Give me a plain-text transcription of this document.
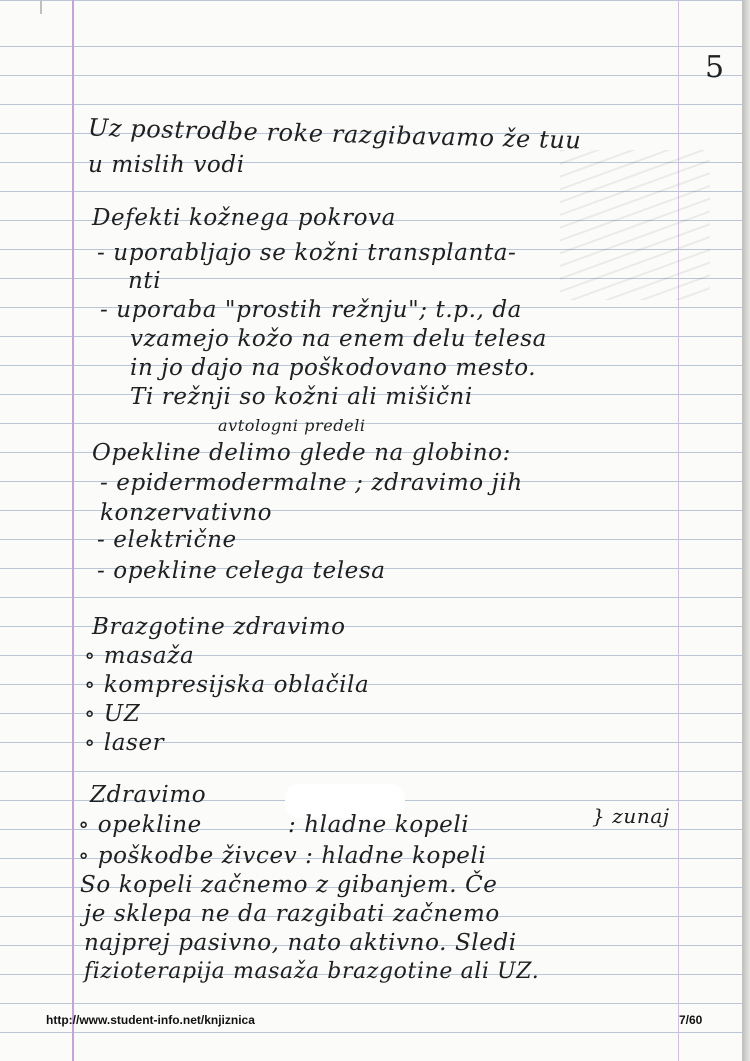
5
Uz postrodbe roke razgibavamo že tuu
u mislih vodi
Defekti kožnega pokrova
- uporabljajo se kožni transplanta-
nti
- uporaba "prostih režnju"; t.p., da
vzamejo kožo na enem delu telesa
in jo dajo na poškodovano mesto.
Ti režnji so kožni ali mišični
avtologni predeli
Opekline delimo glede na globino:
- epidermodermalne ; zdravimo jih
konzervativno
- električne
- opekline celega telesa
Brazgotine zdravimo
∘ masaža
∘ kompresijska oblačila
∘ UZ
∘ laser
Zdravimo
∘ opekline	: hladne kopeli	} zunaj
∘ poškodbe živcev : hladne kopeli
So kopeli začnemo z gibanjem. Če
je sklepa ne da razgibati začnemo
najprej pasivno, nato aktivno. Sledi
fizioterapija masaža brazgotine ali UZ.
http://www.student-info.net/knjiznica	7/60
